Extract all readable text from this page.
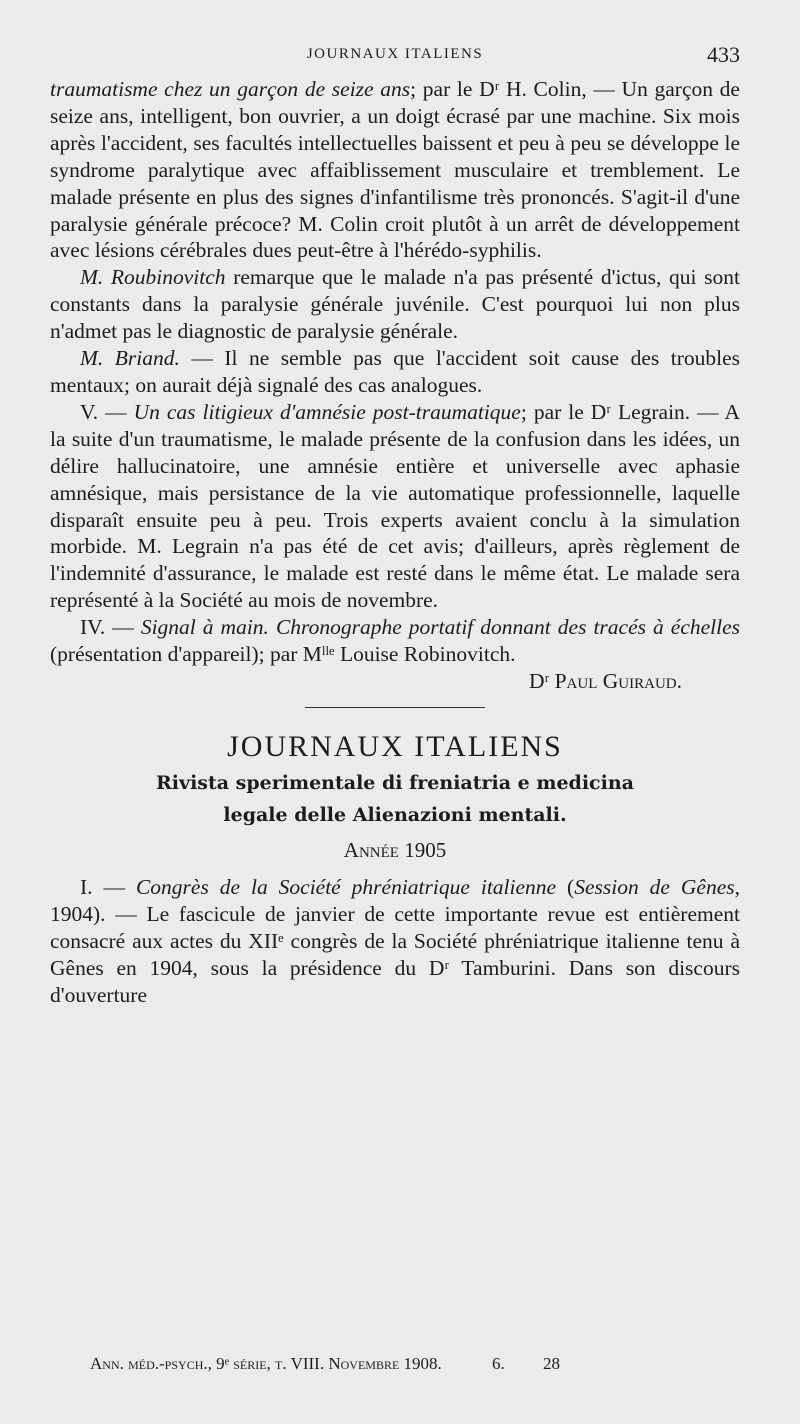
JOURNAUX ITALIENS	433

traumatisme chez un garçon de seize ans; par le Dʳ H. Colin, — Un garçon de seize ans, intelligent, bon ouvrier, a un doigt écrasé par une machine. Six mois après l'accident, ses facultés intellectuelles baissent et peu à peu se développe le syndrome paralytique avec affaiblissement musculaire et tremblement. Le malade présente en plus des signes d'infantilisme très prononcés. S'agit-il d'une paralysie générale précoce? M. Colin croit plutôt à un arrêt de développement avec lésions cérébrales dues peut-être à l'hérédo-syphilis.

M. Roubinovitch remarque que le malade n'a pas présenté d'ictus, qui sont constants dans la paralysie générale juvénile. C'est pourquoi lui non plus n'admet pas le diagnostic de paralysie générale.

M. Briand. — Il ne semble pas que l'accident soit cause des troubles mentaux; on aurait déjà signalé des cas analogues.

V. — Un cas litigieux d'amnésie post-traumatique; par le Dʳ Legrain. — A la suite d'un traumatisme, le malade présente de la confusion dans les idées, un délire hallucinatoire, une amnésie entière et universelle avec aphasie amnésique, mais persistance de la vie automatique professionnelle, laquelle disparaît ensuite peu à peu. Trois experts avaient conclu à la simulation morbide. M. Legrain n'a pas été de cet avis; d'ailleurs, après règlement de l'indemnité d'assurance, le malade est resté dans le même état. Le malade sera représenté à la Société au mois de novembre.

IV. — Signal à main. Chronographe portatif donnant des tracés à échelles (présentation d'appareil); par Mˡˡᵉ Louise Robinovitch.

Dʳ Paul Guiraud.

JOURNAUX ITALIENS
Rivista sperimentale di freniatria e medicina
legale delle Alienazioni mentali.
Année 1905

I. — Congrès de la Société phréniatrique italienne (Session de Gênes, 1904). — Le fascicule de janvier de cette importante revue est entièrement consacré aux actes du XIIᵉ congrès de la Société phréniatrique italienne tenu à Gênes en 1904, sous la présidence du Dʳ Tamburini. Dans son discours d'ouverture

Ann. méd.-psych., 9ᵉ série, t. VIII. Novembre 1908.	6. 28
